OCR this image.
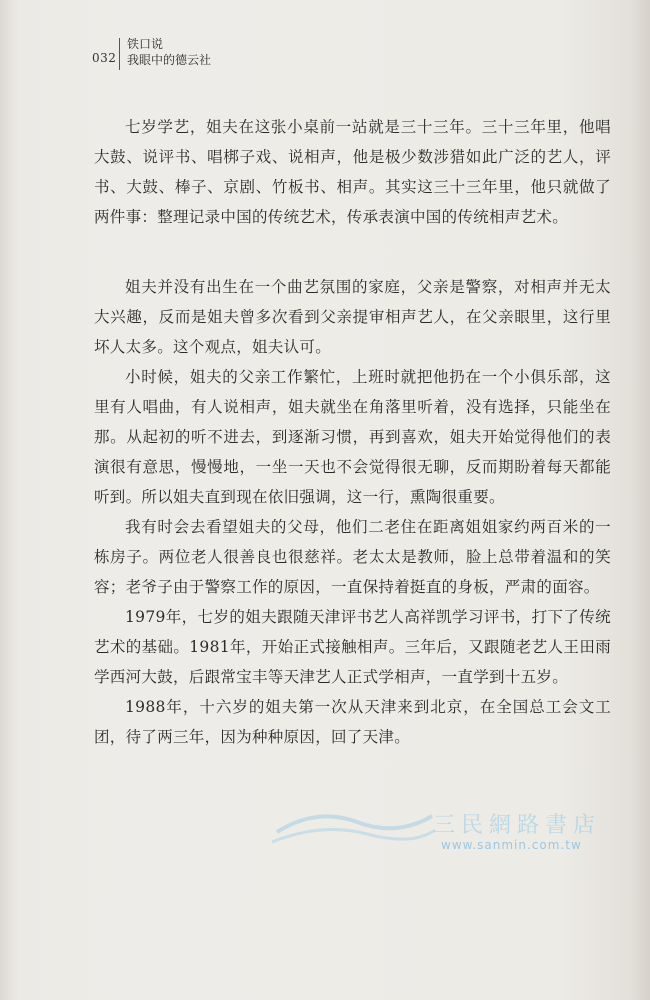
032
铁口说
我眼中的德云社

七岁学艺，姐夫在这张小桌前一站就是三十三年。三十三年里，他唱大鼓、说评书、唱梆子戏、说相声，他是极少数涉猎如此广泛的艺人，评书、大鼓、棒子、京剧、竹板书、相声。其实这三十三年里，他只就做了两件事：整理记录中国的传统艺术，传承表演中国的传统相声艺术。

姐夫并没有出生在一个曲艺氛围的家庭，父亲是警察，对相声并无太大兴趣，反而是姐夫曾多次看到父亲提审相声艺人，在父亲眼里，这行里坏人太多。这个观点，姐夫认可。

小时候，姐夫的父亲工作繁忙，上班时就把他扔在一个小俱乐部，这里有人唱曲，有人说相声，姐夫就坐在角落里听着，没有选择，只能坐在那。从起初的听不进去，到逐渐习惯，再到喜欢，姐夫开始觉得他们的表演很有意思，慢慢地，一坐一天也不会觉得很无聊，反而期盼着每天都能听到。所以姐夫直到现在依旧强调，这一行，熏陶很重要。

我有时会去看望姐夫的父母，他们二老住在距离姐姐家约两百米的一栋房子。两位老人很善良也很慈祥。老太太是教师，脸上总带着温和的笑容；老爷子由于警察工作的原因，一直保持着挺直的身板，严肃的面容。

1979年，七岁的姐夫跟随天津评书艺人高祥凯学习评书，打下了传统艺术的基础。1981年，开始正式接触相声。三年后，又跟随老艺人王田雨学西河大鼓，后跟常宝丰等天津艺人正式学相声，一直学到十五岁。

1988年，十六岁的姐夫第一次从天津来到北京，在全国总工会文工团，待了两三年，因为种种原因，回了天津。

三民網路書店
www.sanmin.com.tw
